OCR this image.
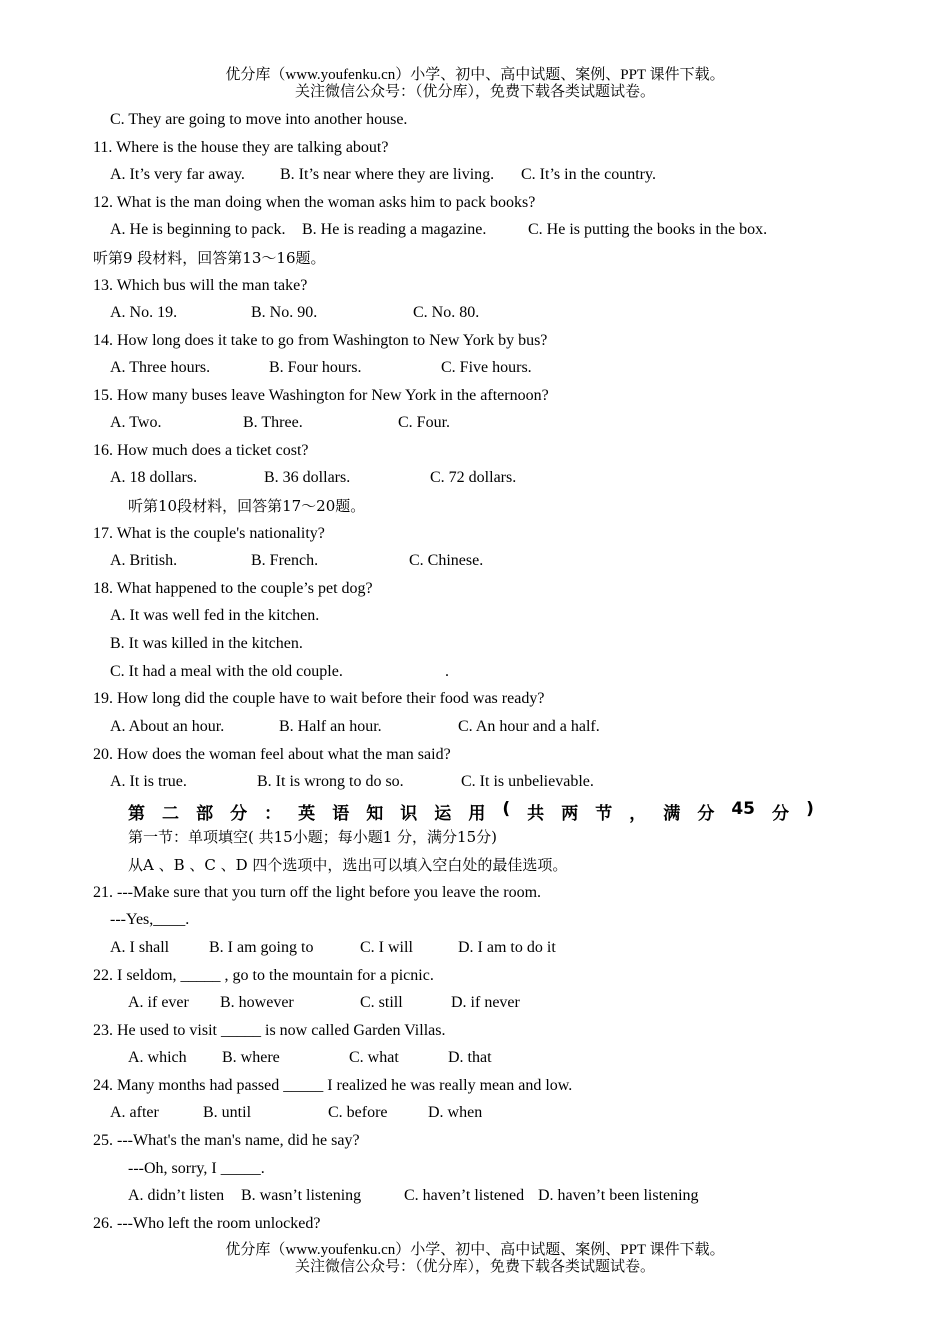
优分库（www.youfenku.cn）小学、初中、高中试题、案例、PPT 课件下载。
关注微信公众号：（优分库），免费下载各类试题试卷。
C. They are going to move into another house.
11. Where is the house they are talking about?
A. It’s very far away. B. It’s near where they are living. C. It’s in the country.
12. What is the man doing when the woman asks him to pack books?
A. He is beginning to pack. B. He is reading a magazine.	C. He is putting the books in the box.
听第9 段材料，回答第13～16题。
13. Which bus will the man take?
A. No. 19.	B. No. 90.	C. No. 80.
14. How long does it take to go from Washington to New York by bus?
A. Three hours.	B. Four hours.	C. Five hours.
15. How many buses leave Washington for New York in the afternoon?
A. Two.	B. Three.	C. Four.
16. How much does a ticket cost?
A. 18 dollars.	B. 36 dollars.	C. 72 dollars.
听第10段材料，回答第17～20题。
17. What is the couple's nationality?
A. British.	B. French.	C. Chinese.
18. What happened to the couple’s pet dog?
A. It was well fed in the kitchen.
B. It was killed in the kitchen.
C. It had a meal with the old couple.	.
19. How long did the couple have to wait before their food was ready?
A. About an hour.	B. Half an hour.	C. An hour and a half.
20. How does the woman feel about what the man said?
A. It is true.	B. It is wrong to do so.	C. It is unbelievable.
第 二 部 分 ： 英 语 知 识 运 用 ( 共 两 节 ， 满 分 45 分 )
第一节：单项填空( 共15小题；每小题1 分，满分15分)
从A 、B 、C 、D 四个选项中，选出可以填入空白处的最佳选项。
21. ---Make sure that you turn off the light before you leave the room.
---Yes,____.
A. I shall B. I am going to	C. I will	D. I am to do it
22. I seldom, _____ , go to the mountain for a picnic.
A. if ever B. however	C. still	D. if never
23. He used to visit _____ is now called Garden Villas.
A. which B. where	C. what	D. that
24. Many months had passed _____ I realized he was really mean and low.
A. after	B. until	C. before	D. when
25. ---What's the man's name, did he say?
---Oh, sorry, I _____.
A. didn’t listen B. wasn’t listening	C. haven’t listened D. haven’t been listening
26. ---Who left the room unlocked?
优分库（www.youfenku.cn）小学、初中、高中试题、案例、PPT 课件下载。
关注微信公众号：（优分库），免费下载各类试题试卷。
